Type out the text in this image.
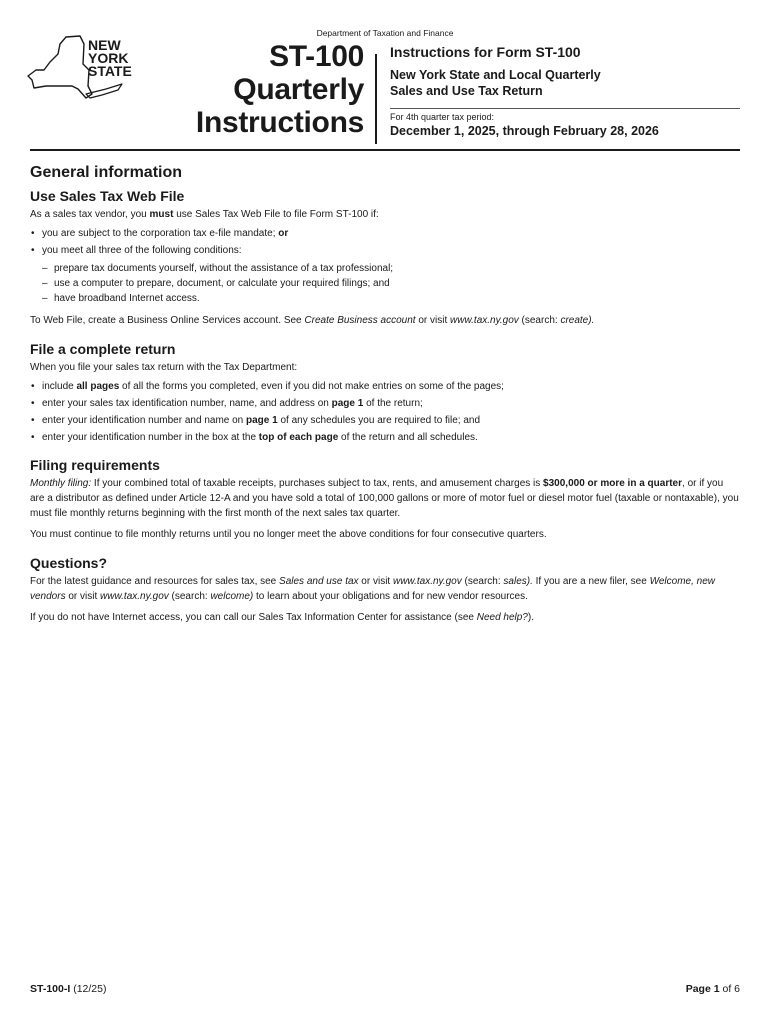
NEW
YORK
STATE
Department of Taxation and Finance
ST-100
Quarterly
Instructions
Instructions for Form ST-100
New York State and Local Quarterly
Sales and Use Tax Return
For 4th quarter tax period:
December 1, 2025, through February 28, 2026
General information
Use Sales Tax Web File

As a sales tax vendor, you must use Sales Tax Web File to file Form ST-100 if:

• you are subject to the corporation tax e-file mandate; or
• you meet all three of the following conditions:
– prepare tax documents yourself, without the assistance of a tax professional;
– use a computer to prepare, document, or calculate your required filings; and
– have broadband Internet access.

To Web File, create a Business Online Services account. See Create Business account or visit www.tax.ny.gov (search: create).

File a complete return

When you file your sales tax return with the Tax Department:

• include all pages of all the forms you completed, even if you did not make entries on some of the pages;
• enter your sales tax identification number, name, and address on page 1 of the return;
• enter your identification number and name on page 1 of any schedules you are required to file; and
• enter your identification number in the box at the top of each page of the return and all schedules.
Filing requirements

Monthly filing: If your combined total of taxable receipts, purchases subject to tax, rents, and amusement charges is $300,000 or more in a quarter, or if you are a distributor as defined under Article 12-A and you have sold a total of 100,000 gallons or more of motor fuel or diesel motor fuel (taxable or nontaxable), you must file monthly returns beginning with the first month of the next sales tax quarter.

You must continue to file monthly returns until you no longer meet the above conditions for four consecutive quarters.

Questions?

For the latest guidance and resources for sales tax, see Sales and use tax or visit www.tax.ny.gov (search: sales). If you are a new filer, see Welcome, new vendors or visit www.tax.ny.gov (search: welcome) to learn about your obligations and for new vendor resources.

If you do not have Internet access, you can call our Sales Tax Information Center for assistance (see Need help?).

ST-100-I (12/25)	Page 1 of 6
